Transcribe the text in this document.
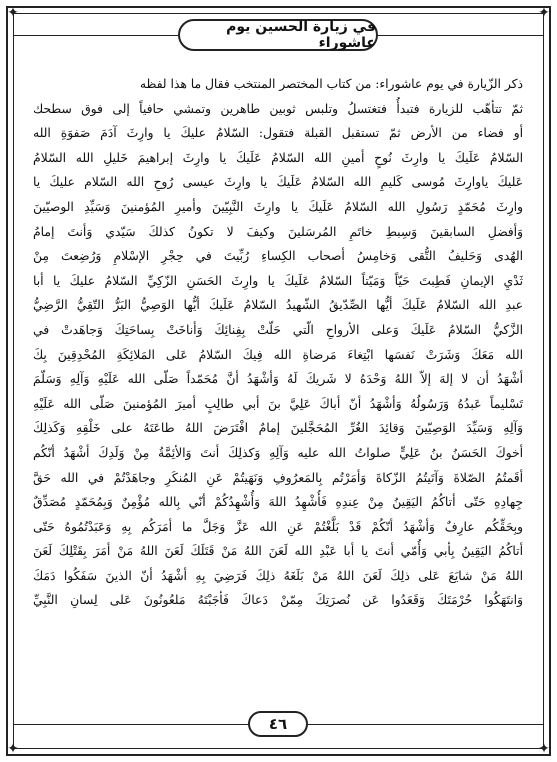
✦	✦
✦	✦
في زيارة الحسين يوم عاشوراء
ذكر الزّيارة في يوم عاشوراء: من كتاب المختصر المنتخب فقال ما هذا لفظه
ثمّ تتأهّب للزيارة فتبدأُ فتغتسلُ وتلبس ثوبين طاهرين وتمشي حافياً إلى فوق سطحك
أو فضاء من الأرض ثمّ تستقبل القبلة فتقول: السّلامُ عليكَ يا وارِثَ آدَمَ صَفوَةِ الله
السّلامُ عَلَيكَ يا وارِثَ نُوحٍ أمينِ الله السّلامُ عَلَيكَ يا وارِثَ إبراهيمَ خَليلِ الله السّلامُ
عَليكَ ياوارِثَ مُوسى كَليمِ الله السّلامُ عَلَيكَ يا وارِثَ عيسى رُوحِ الله السّلام عليكَ يا
وارِثَ مُحَمّدٍ رَسُولِ الله السّلامُ عَلَيكَ يا وارِثَ النَّبِيّينَ وأميرِ المُؤمنينَ وَسَيِّدِ الوصيّينَ
وَأفضلِ السابقينَ وَسِبطِ خاتَمِ المُرسَلينَ وكيفَ لا تكونُ كذلكَ سَيّدي وَأنتَ إمامُ
الهُدى وَحَليفُ التُّقى وَخامِسُ أصحاب الكِساءِ رُبِّيتَ في حِجْرِ الإسْلامِ وَرُضِعتَ مِنْ
ثَدْيِ الإيمانِ فَطِبتَ حَيّاً وَمَيّتاً السّلامُ عَلَيكَ يا وارِثَ الحَسَنِ الزّكِيِّ السّلامُ عليكَ يا أبا
عبدِ الله السّلامُ عَلَيكَ أيُّها الصِّدّيقُ الشّهيدُ السّلامُ عَلَيكَ أيُّها الوَصِيُّ البَرُّ التّقِيُّ الرَّضِيُّ
الزَّكيُّ السّلامُ عَلَيكَ وَعلى الأرواحِ الّتي حَلّتْ بِفِنائِكَ وَأناخَتْ بِساحَتِكَ وَجاهَدتْ في
الله مَعَكَ وَشَرَتْ نَفسَها ابْتِغاءَ مَرضاةِ الله فِيكَ السّلامُ عَلى المَلائِكَةِ المُحْدِقِينَ بِكَ
أشْهَدُ أن لا إلهَ إلاّ اللهُ وَحْدَهُ لا شَريكَ لَهُ وَأشْهَدُ أنَّ مُحَمّداً صَلّى الله عَلَيْهِ وَآلِهِ وَسَلّمَ
تَسْليماً عَبدُهُ وَرَسُولُهُ وَأشْهَدُ أنّ أباكَ عَلِيَّ بنَ أبي طالِبٍ أميرَ المُؤمنينَ صَلّى الله عَلَيْهِ
وَآلِهِ وَسَيِّدَ الوَصِيّينَ وَقائِدَ الغُرِّ المُحَجَّلينَ إمامٌ افْتَرَضَ اللهُ طاعَتَهُ على خَلْقِهِ وَكَذلِكَ
أخوكَ الحَسَنُ بنُ عَلِيٍّ صلواتُ الله عليه وَآلِهِ وَكذلِكَ أنتَ وَالأئِمَّةُ مِنْ وَلَدِكَ أشْهَدُ أنّكُم
أقَمتُمُ الصّلاةَ وَآتَيتُمُ الزّكاةَ وَأمَرْتُم بِالمَعرُوفِ وَنَهَيتُمْ عَنِ المُنكَرِ وجاهَدْتُمْ في الله حَقَّ
جِهادِهِ حَتّى أتاكُمُ اليَقِينُ مِنْ عِندِهِ فَأُشْهِدُ اللهَ وَأُشْهِدُكُمْ أنّي بِالله مُؤْمِنٌ وَبِمُحَمّدٍ مُصَدِّقٌ
وبِحَقِّكُم عارِفٌ وَأشْهَدُ أنّكُمْ قَدْ بَلَّغْتُمْ عَنِ الله عَزَّ وَجَلَّ ما أمَرَكُم بِهِ وَعَبَدْتُمُوهُ حَتّى
أتاكُمُ اليَقِينُ بِأبي وَأُمّي أنتَ يا أبا عَبْدِ الله لَعَنَ اللهُ مَنْ قَتَلَكَ لَعَنَ اللهُ مَنْ أمَرَ بِقَتْلِكَ لَعَنَ
اللهُ مَنْ شايَعَ عَلى ذلِكَ لَعَنَ اللهُ مَنْ بَلَغَهُ ذلِكَ فَرَضِيَ بِهِ أشْهَدُ أنّ الذينَ سَفَكُوا دَمَكَ
وَانتَهَكُوا حُرْمَتَكَ وَقَعَدُوا عَن نُصرَتِكَ مِمّنْ دَعاكَ فَأجَبْتَهُ مَلعُونُونَ عَلى لِسانِ النَّبِيِّ
٤٦
